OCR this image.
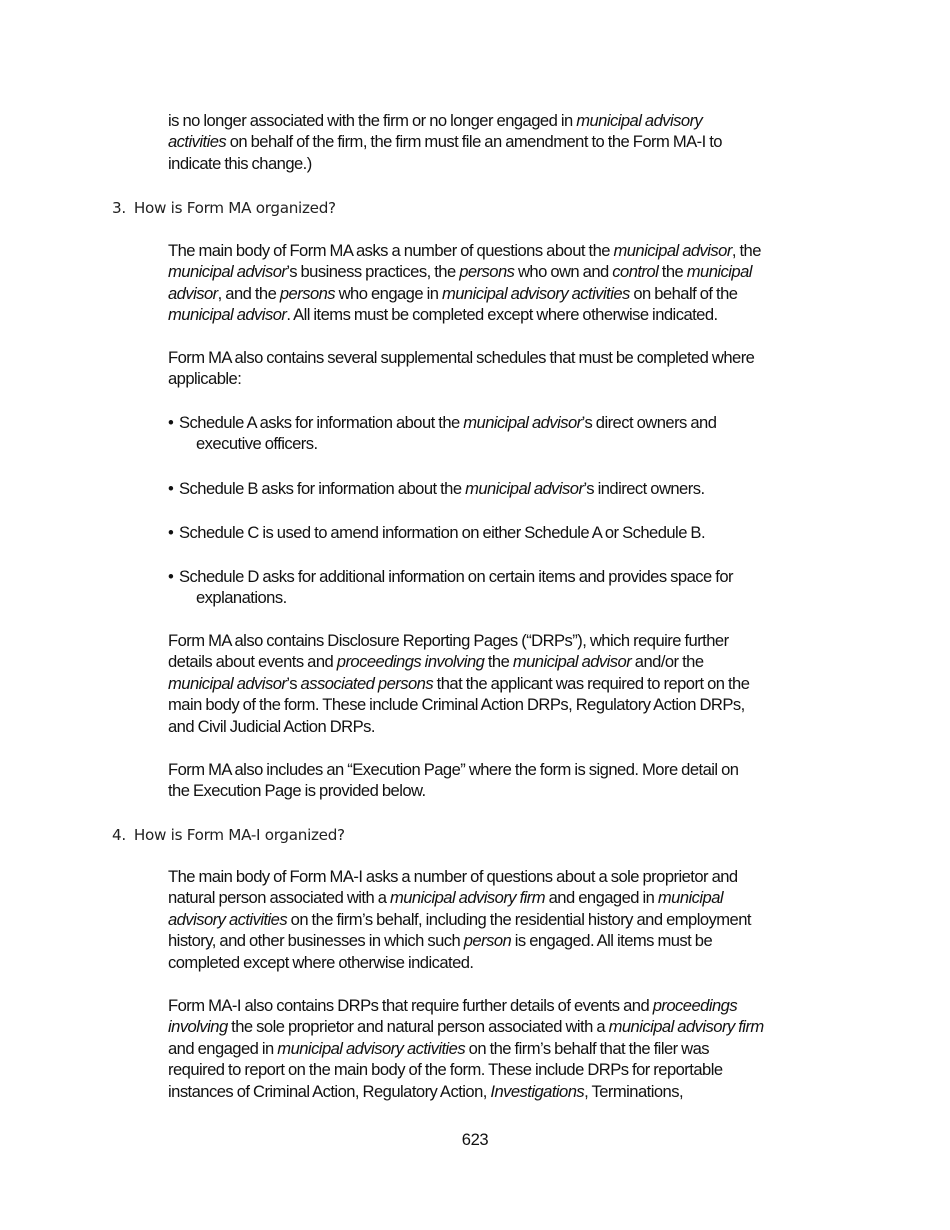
is no longer associated with the firm or no longer engaged in municipal advisory
activities on behalf of the firm, the firm must file an amendment to the Form MA-I to
indicate this change.)

3. How is Form MA organized?

The main body of Form MA asks a number of questions about the municipal advisor, the
municipal advisor’s business practices, the persons who own and control the municipal
advisor, and the persons who engage in municipal advisory activities on behalf of the
municipal advisor. All items must be completed except where otherwise indicated.

Form MA also contains several supplemental schedules that must be completed where
applicable:

• Schedule A asks for information about the municipal advisor’s direct owners and
executive officers.

• Schedule B asks for information about the municipal advisor’s indirect owners.

• Schedule C is used to amend information on either Schedule A or Schedule B.

• Schedule D asks for additional information on certain items and provides space for
explanations.

Form MA also contains Disclosure Reporting Pages (“DRPs”), which require further
details about events and proceedings involving the municipal advisor and/or the
municipal advisor’s associated persons that the applicant was required to report on the
main body of the form. These include Criminal Action DRPs, Regulatory Action DRPs,
and Civil Judicial Action DRPs.

Form MA also includes an “Execution Page” where the form is signed. More detail on
the Execution Page is provided below.

4. How is Form MA-I organized?

The main body of Form MA-I asks a number of questions about a sole proprietor and
natural person associated with a municipal advisory firm and engaged in municipal
advisory activities on the firm’s behalf, including the residential history and employment
history, and other businesses in which such person is engaged. All items must be
completed except where otherwise indicated.

Form MA-I also contains DRPs that require further details of events and proceedings
involving the sole proprietor and natural person associated with a municipal advisory firm
and engaged in municipal advisory activities on the firm’s behalf that the filer was
required to report on the main body of the form. These include DRPs for reportable
instances of Criminal Action, Regulatory Action, Investigations, Terminations,

623
